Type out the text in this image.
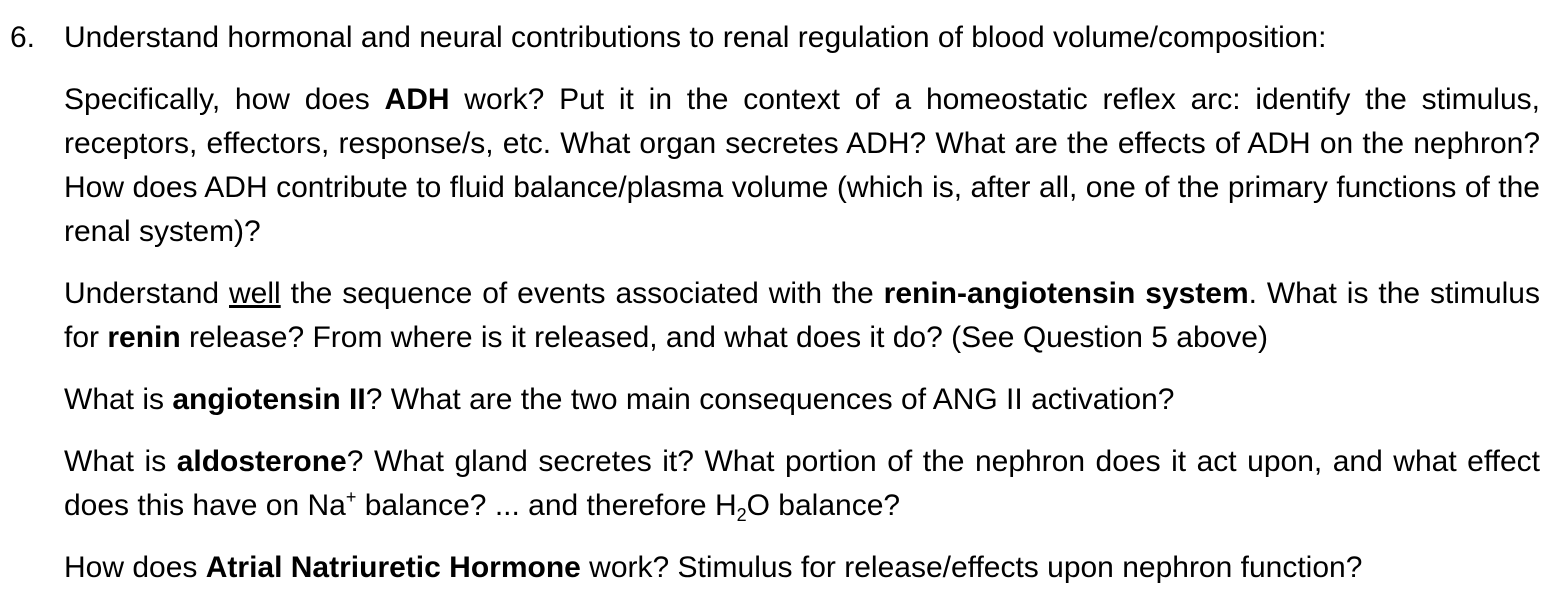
6. Understand hormonal and neural contributions to renal regulation of blood volume/composition:
Specifically, how does ADH work? Put it in the context of a homeostatic reflex arc: identify the stimulus, receptors, effectors, response/s, etc. What organ secretes ADH? What are the effects of ADH on the nephron? How does ADH contribute to fluid balance/plasma volume (which is, after all, one of the primary functions of the renal system)?
Understand well the sequence of events associated with the renin-angiotensin system. What is the stimulus for renin release? From where is it released, and what does it do? (See Question 5 above)
What is angiotensin II? What are the two main consequences of ANG II activation?
What is aldosterone? What gland secretes it? What portion of the nephron does it act upon, and what effect does this have on Na+ balance? ... and therefore $H_2O$ balance?
How does Atrial Natriuretic Hormone work? Stimulus for release/effects upon nephron function?
